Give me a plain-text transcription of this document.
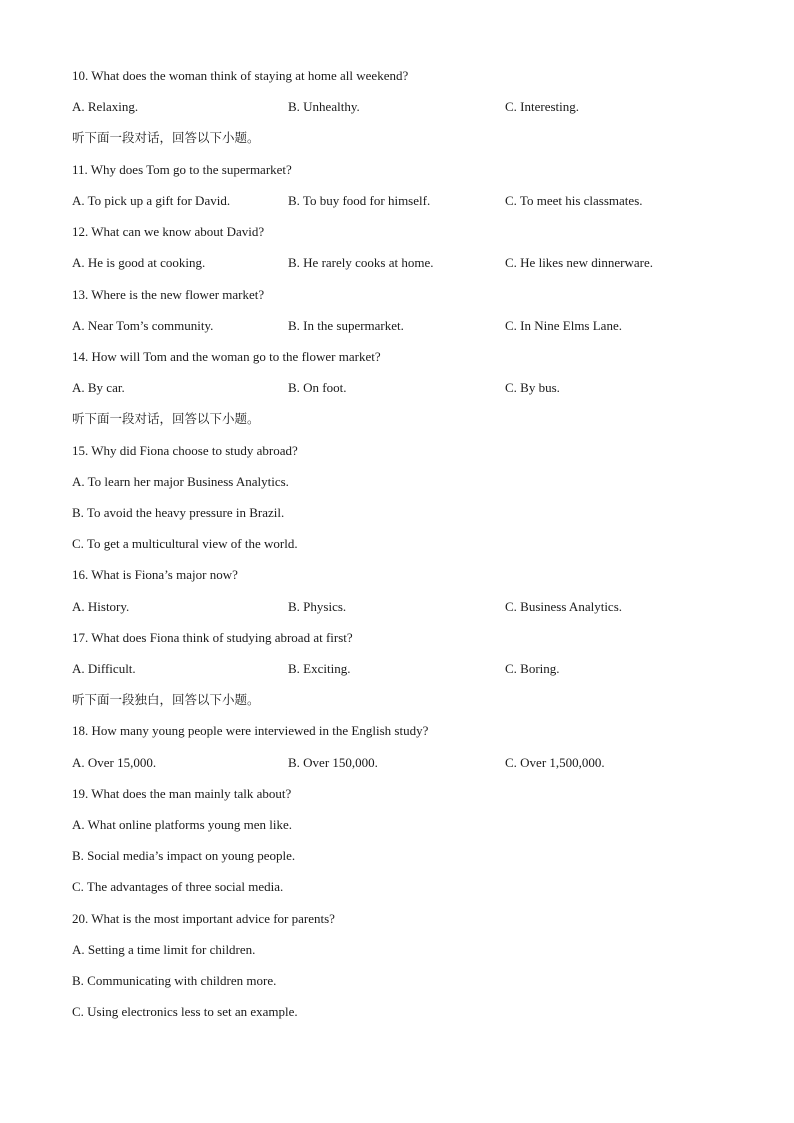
10. What does the woman think of staying at home all weekend?
A. Relaxing.	B. Unhealthy.	C. Interesting.
听下面一段对话，回答以下小题。
11. Why does Tom go to the supermarket?
A. To pick up a gift for David.	B. To buy food for himself.	C. To meet his classmates.
12. What can we know about David?
A. He is good at cooking.	B. He rarely cooks at home.	C. He likes new dinnerware.
13. Where is the new flower market?
A. Near Tom’s community.	B. In the supermarket.	C. In Nine Elms Lane.
14. How will Tom and the woman go to the flower market?
A. By car.	B. On foot.	C. By bus.
听下面一段对话，回答以下小题。
15. Why did Fiona choose to study abroad?
A. To learn her major Business Analytics.
B. To avoid the heavy pressure in Brazil.
C. To get a multicultural view of the world.
16. What is Fiona’s major now?
A. History.	B. Physics.	C. Business Analytics.
17. What does Fiona think of studying abroad at first?
A. Difficult.	B. Exciting.	C. Boring.
听下面一段独白，回答以下小题。
18. How many young people were interviewed in the English study?
A. Over 15,000.	B. Over 150,000.	C. Over 1,500,000.
19. What does the man mainly talk about?
A. What online platforms young men like.
B. Social media’s impact on young people.
C. The advantages of three social media.
20. What is the most important advice for parents?
A. Setting a time limit for children.
B. Communicating with children more.
C. Using electronics less to set an example.
